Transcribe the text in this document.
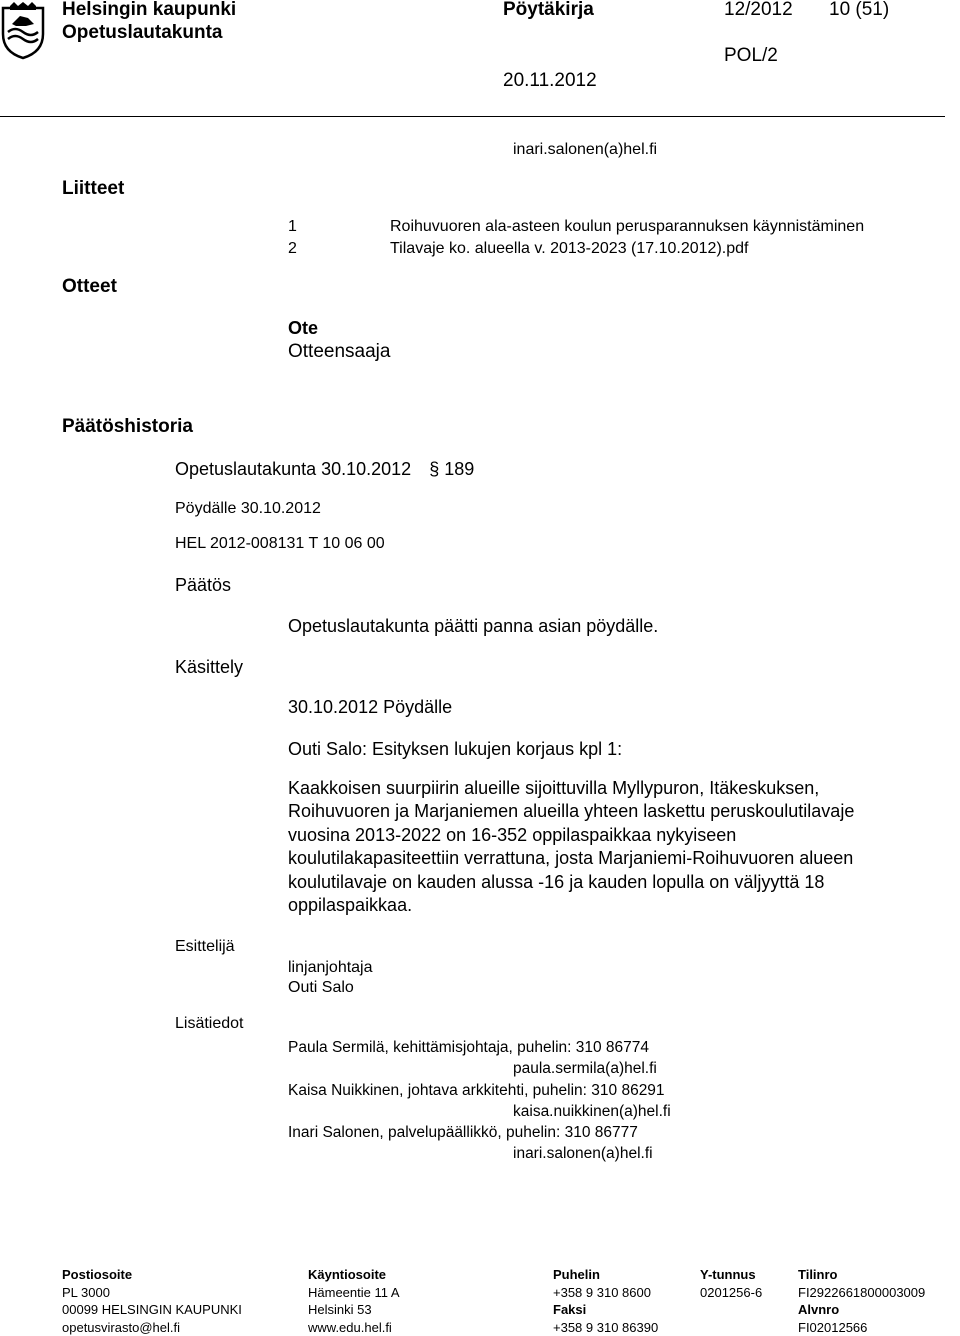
Helsingin kaupunki
Opetuslautakunta
Pöytäkirja	12/2012 10 (51)
POL/2
20.11.2012
inari.salonen(a)hel.fi
Liitteet
1	Roihuvuoren ala-asteen koulun perusparannuksen käynnistäminen
2	Tilavaje ko. alueella v. 2013-2023 (17.10.2012).pdf
Otteet
Ote
Otteensaaja
Päätöshistoria
Opetuslautakunta 30.10.2012 § 189
Pöydälle 30.10.2012
HEL 2012-008131 T 10 06 00
Päätös
Opetuslautakunta päätti panna asian pöydälle.
Käsittely
30.10.2012 Pöydälle
Outi Salo: Esityksen lukujen korjaus kpl 1:
Kaakkoisen suurpiirin alueille sijoittuvilla Myllypuron, Itäkeskuksen,
Roihuvuoren ja Marjaniemen alueilla yhteen laskettu peruskoulutilavaje
vuosina 2013-2022 on 16-352 oppilaspaikkaa nykyiseen
koulutilakapasiteettiin verrattuna, josta Marjaniemi-Roihuvuoren alueen
koulutilavaje on kauden alussa -16 ja kauden lopulla on väljyyttä 18
oppilaspaikkaa.
Esittelijä
linjanjohtaja
Outi Salo
Lisätiedot
Paula Sermilä, kehittämisjohtaja, puhelin: 310 86774
paula.sermila(a)hel.fi
Kaisa Nuikkinen, johtava arkkitehti, puhelin: 310 86291
kaisa.nuikkinen(a)hel.fi
Inari Salonen, palvelupäällikkö, puhelin: 310 86777
inari.salonen(a)hel.fi
Postiosoite
PL 3000
00099 HELSINGIN KAUPUNKI
opetusvirasto@hel.fi
Käyntiosoite
Hämeentie 11 A
Helsinki 53
www.edu.hel.fi
Puhelin
+358 9 310 8600
Faksi
+358 9 310 86390
Y-tunnus
0201256-6
Tilinro
FI2922661800003009
Alvnro
FI02012566
